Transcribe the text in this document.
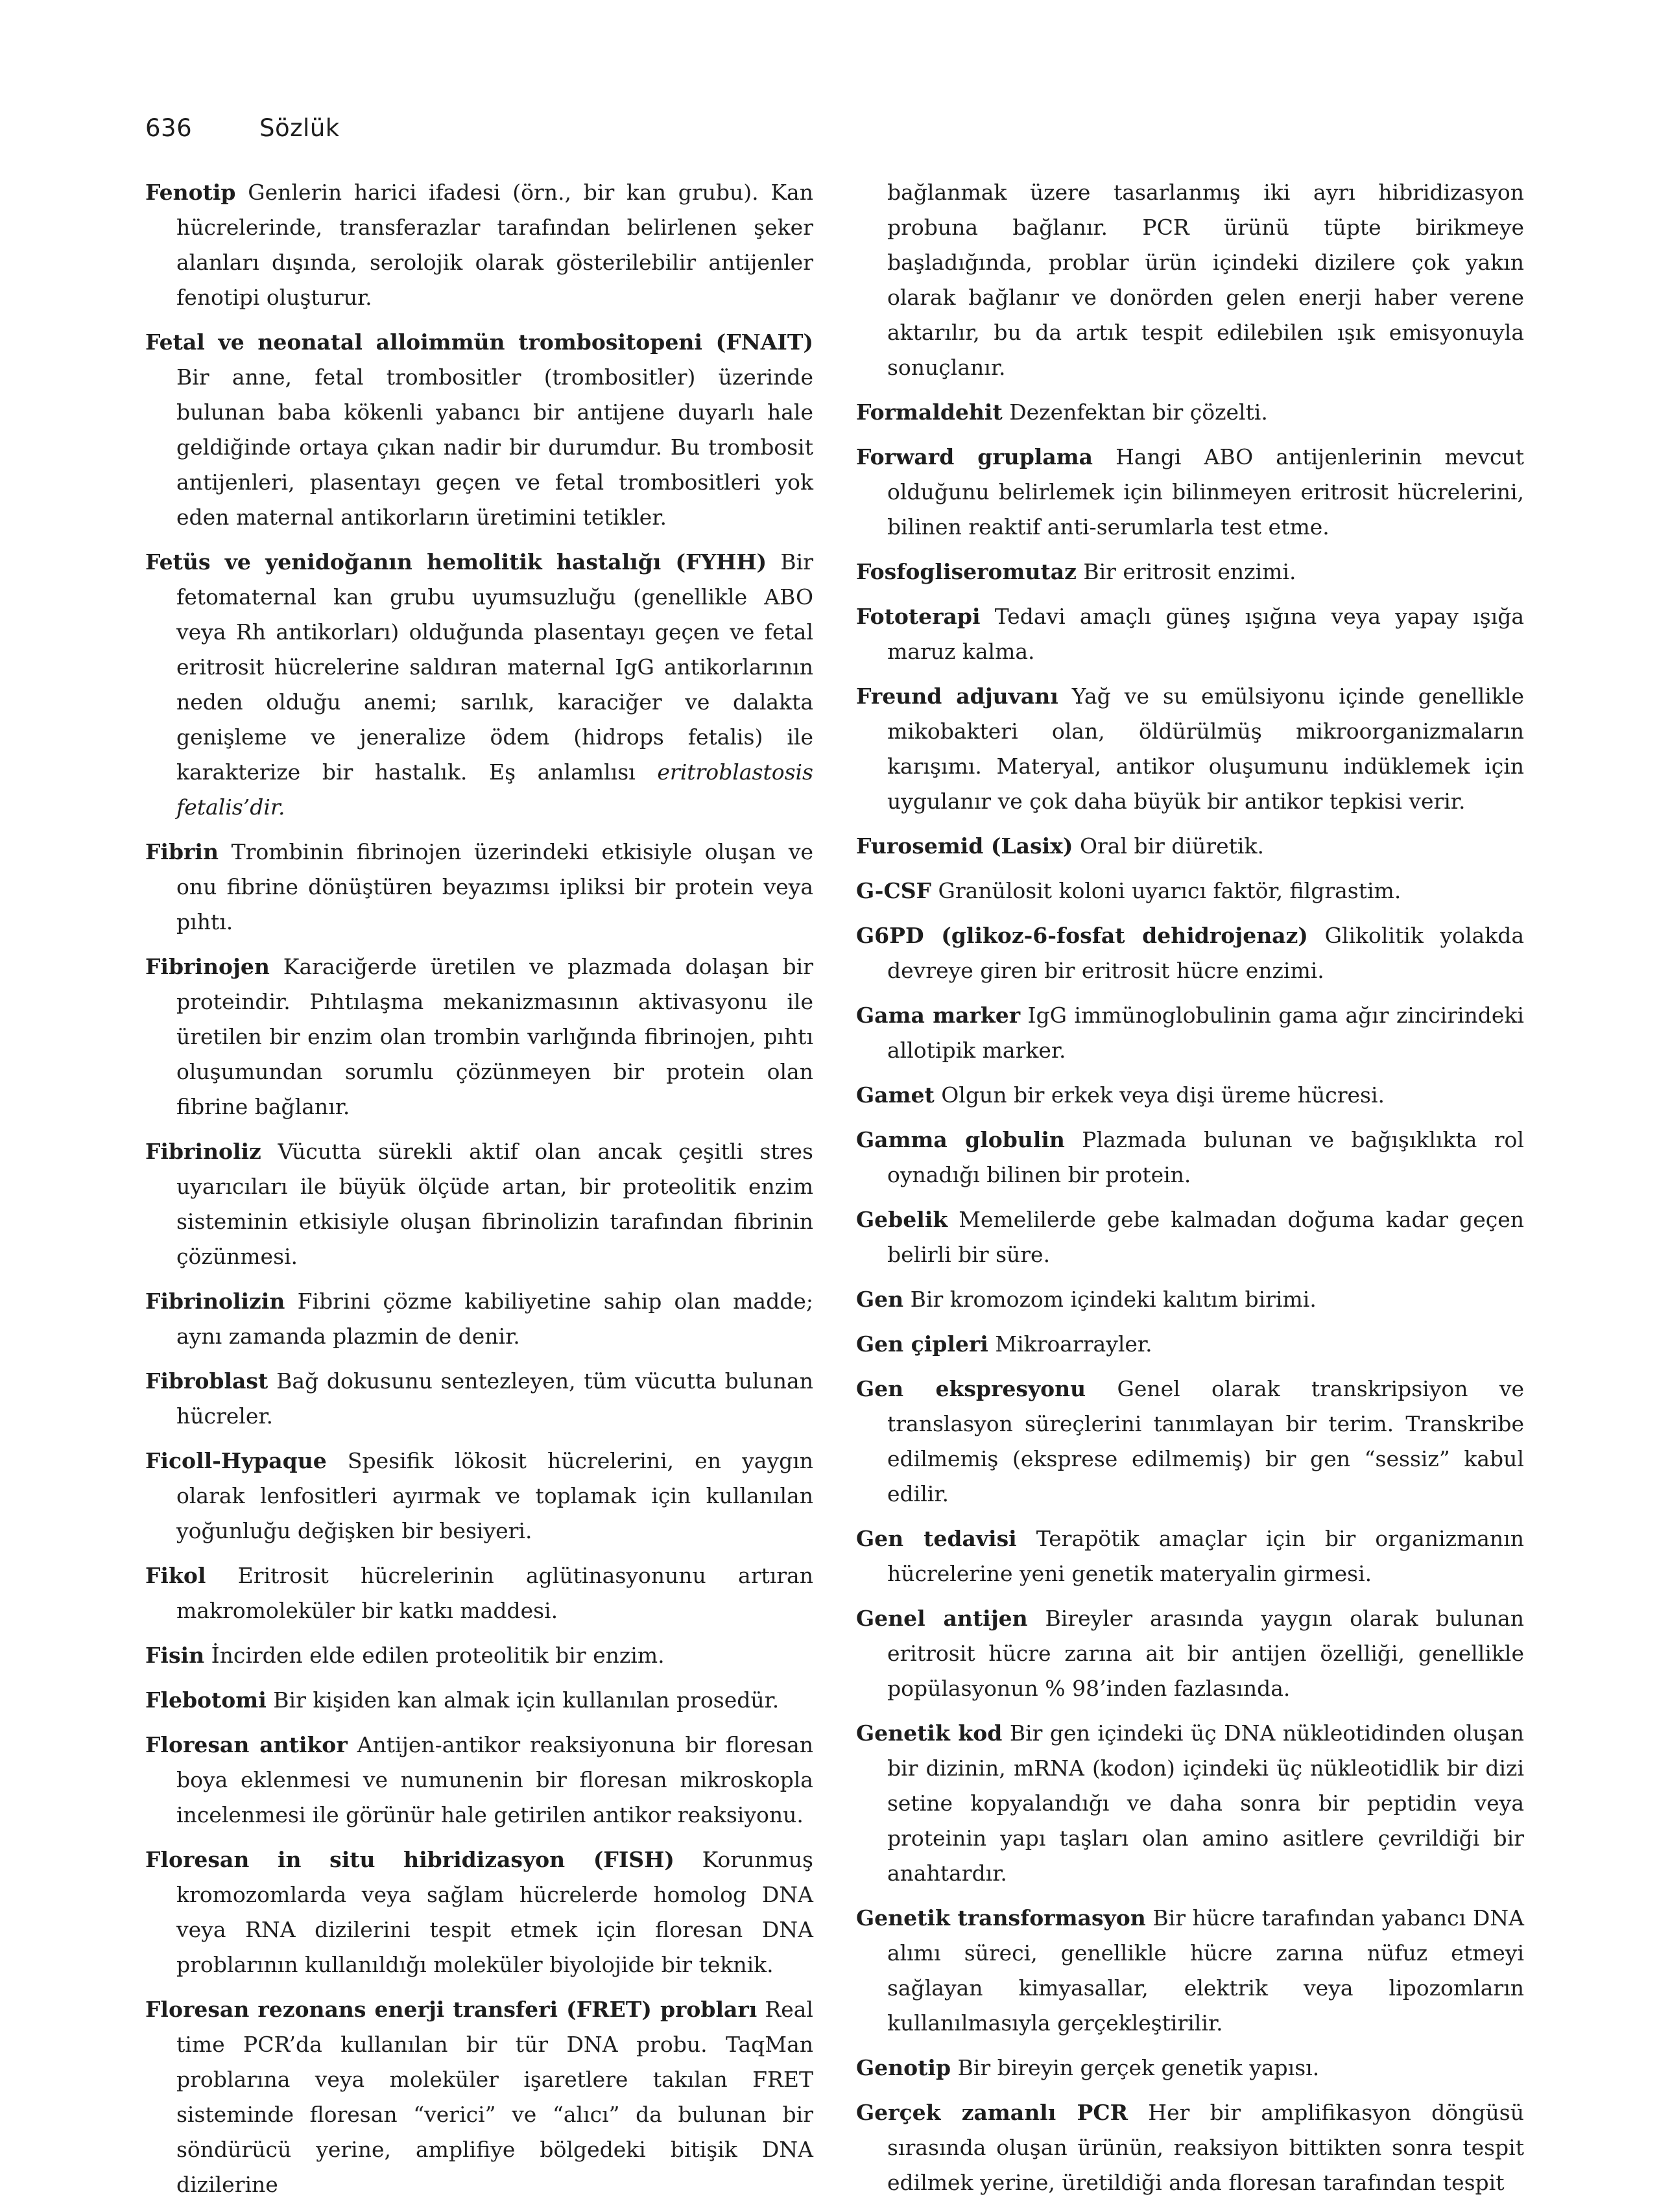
636	Sözlük

Fenotip Genlerin harici ifadesi (örn., bir kan grubu). Kan hücrelerinde, transferazlar tarafından belirlenen şeker alanları dışında, serolojik olarak gösterilebilir antijenler fenotipi oluşturur.

Fetal ve neonatal alloimmün trombositopeni (FNAIT) Bir anne, fetal trombositler (trombositler) üzerinde bulunan baba kökenli yabancı bir antijene duyarlı hale geldiğinde ortaya çıkan nadir bir durumdur. Bu trombosit antijenleri, plasentayı geçen ve fetal trombositleri yok eden maternal antikorların üretimini tetikler.

Fetüs ve yenidoğanın hemolitik hastalığı (FYHH) Bir fetomaternal kan grubu uyumsuzluğu (genellikle ABO veya Rh antikorları) olduğunda plasentayı geçen ve fetal eritrosit hücrelerine saldıran maternal IgG antikorlarının neden olduğu anemi; sarılık, karaciğer ve dalakta genişleme ve jeneralize ödem (hidrops fetalis) ile karakterize bir hastalık. Eş anlamlısı eritroblastosis fetalis’dir.

Fibrin Trombinin fibrinojen üzerindeki etkisiyle oluşan ve onu fibrine dönüştüren beyazımsı ipliksi bir protein veya pıhtı.

Fibrinojen Karaciğerde üretilen ve plazmada dolaşan bir proteindir. Pıhtılaşma mekanizmasının aktivasyonu ile üretilen bir enzim olan trombin varlığında fibrinojen, pıhtı oluşumundan sorumlu çözünmeyen bir protein olan fibrine bağlanır.

Fibrinoliz Vücutta sürekli aktif olan ancak çeşitli stres uyarıcıları ile büyük ölçüde artan, bir proteolitik enzim sisteminin etkisiyle oluşan fibrinolizin tarafından fibrinin çözünmesi.

Fibrinolizin Fibrini çözme kabiliyetine sahip olan madde; aynı zamanda plazmin de denir.

Fibroblast Bağ dokusunu sentezleyen, tüm vücutta bulunan hücreler.

Ficoll-Hypaque Spesifik lökosit hücrelerini, en yaygın olarak lenfositleri ayırmak ve toplamak için kullanılan yoğunluğu değişken bir besiyeri.

Fikol Eritrosit hücrelerinin aglütinasyonunu artıran makromoleküler bir katkı maddesi.

Fisin İncirden elde edilen proteolitik bir enzim.

Flebotomi Bir kişiden kan almak için kullanılan prosedür.

Floresan antikor Antijen-antikor reaksiyonuna bir floresan boya eklenmesi ve numunenin bir floresan mikroskopla incelenmesi ile görünür hale getirilen antikor reaksiyonu.

Floresan in situ hibridizasyon (FISH) Korunmuş kromozomlarda veya sağlam hücrelerde homolog DNA veya RNA dizilerini tespit etmek için floresan DNA problarının kullanıldığı moleküler biyolojide bir teknik.

Floresan rezonans enerji transferi (FRET) probları Real time PCR’da kullanılan bir tür DNA probu. TaqMan problarına veya moleküler işaretlere takılan FRET sisteminde floresan “verici” ve “alıcı” da bulunan bir söndürücü yerine, amplifiye bölgedeki bitişik DNA dizilerine

bağlanmak üzere tasarlanmış iki ayrı hibridizasyon probuna bağlanır. PCR ürünü tüpte birikmeye başladığında, problar ürün içindeki dizilere çok yakın olarak bağlanır ve donörden gelen enerji haber verene aktarılır, bu da artık tespit edilebilen ışık emisyonuyla sonuçlanır.

Formaldehit Dezenfektan bir çözelti.

Forward gruplama Hangi ABO antijenlerinin mevcut olduğunu belirlemek için bilinmeyen eritrosit hücrelerini, bilinen reaktif anti-serumlarla test etme.

Fosfogliseromutaz Bir eritrosit enzimi.

Fototerapi Tedavi amaçlı güneş ışığına veya yapay ışığa maruz kalma.

Freund adjuvanı Yağ ve su emülsiyonu içinde genellikle mikobakteri olan, öldürülmüş mikroorganizmaların karışımı. Materyal, antikor oluşumunu indüklemek için uygulanır ve çok daha büyük bir antikor tepkisi verir.

Furosemid (Lasix) Oral bir diüretik.

G-CSF Granülosit koloni uyarıcı faktör, filgrastim.

G6PD (glikoz-6-fosfat dehidrojenaz) Glikolitik yolakda devreye giren bir eritrosit hücre enzimi.

Gama marker IgG immünoglobulinin gama ağır zincirindeki allotipik marker.

Gamet Olgun bir erkek veya dişi üreme hücresi.

Gamma globulin Plazmada bulunan ve bağışıklıkta rol oynadığı bilinen bir protein.

Gebelik Memelilerde gebe kalmadan doğuma kadar geçen belirli bir süre.

Gen Bir kromozom içindeki kalıtım birimi.

Gen çipleri Mikroarrayler.

Gen ekspresyonu Genel olarak transkripsiyon ve translasyon süreçlerini tanımlayan bir terim. Transkribe edilmemiş (eksprese edilmemiş) bir gen “sessiz” kabul edilir.

Gen tedavisi Terapötik amaçlar için bir organizmanın hücrelerine yeni genetik materyalin girmesi.

Genel antijen Bireyler arasında yaygın olarak bulunan eritrosit hücre zarına ait bir antijen özelliği, genellikle popülasyonun % 98’inden fazlasında.

Genetik kod Bir gen içindeki üç DNA nükleotidinden oluşan bir dizinin, mRNA (kodon) içindeki üç nükleotidlik bir dizi setine kopyalandığı ve daha sonra bir peptidin veya proteinin yapı taşları olan amino asitlere çevrildiği bir anahtardır.

Genetik transformasyon Bir hücre tarafından yabancı DNA alımı süreci, genellikle hücre zarına nüfuz etmeyi sağlayan kimyasallar, elektrik veya lipozomların kullanılmasıyla gerçekleştirilir.

Genotip Bir bireyin gerçek genetik yapısı.

Gerçek zamanlı PCR Her bir amplifikasyon döngüsü sırasında oluşan ürünün, reaksiyon bittikten sonra tespit edilmek yerine, üretildiği anda floresan tarafından tespit
